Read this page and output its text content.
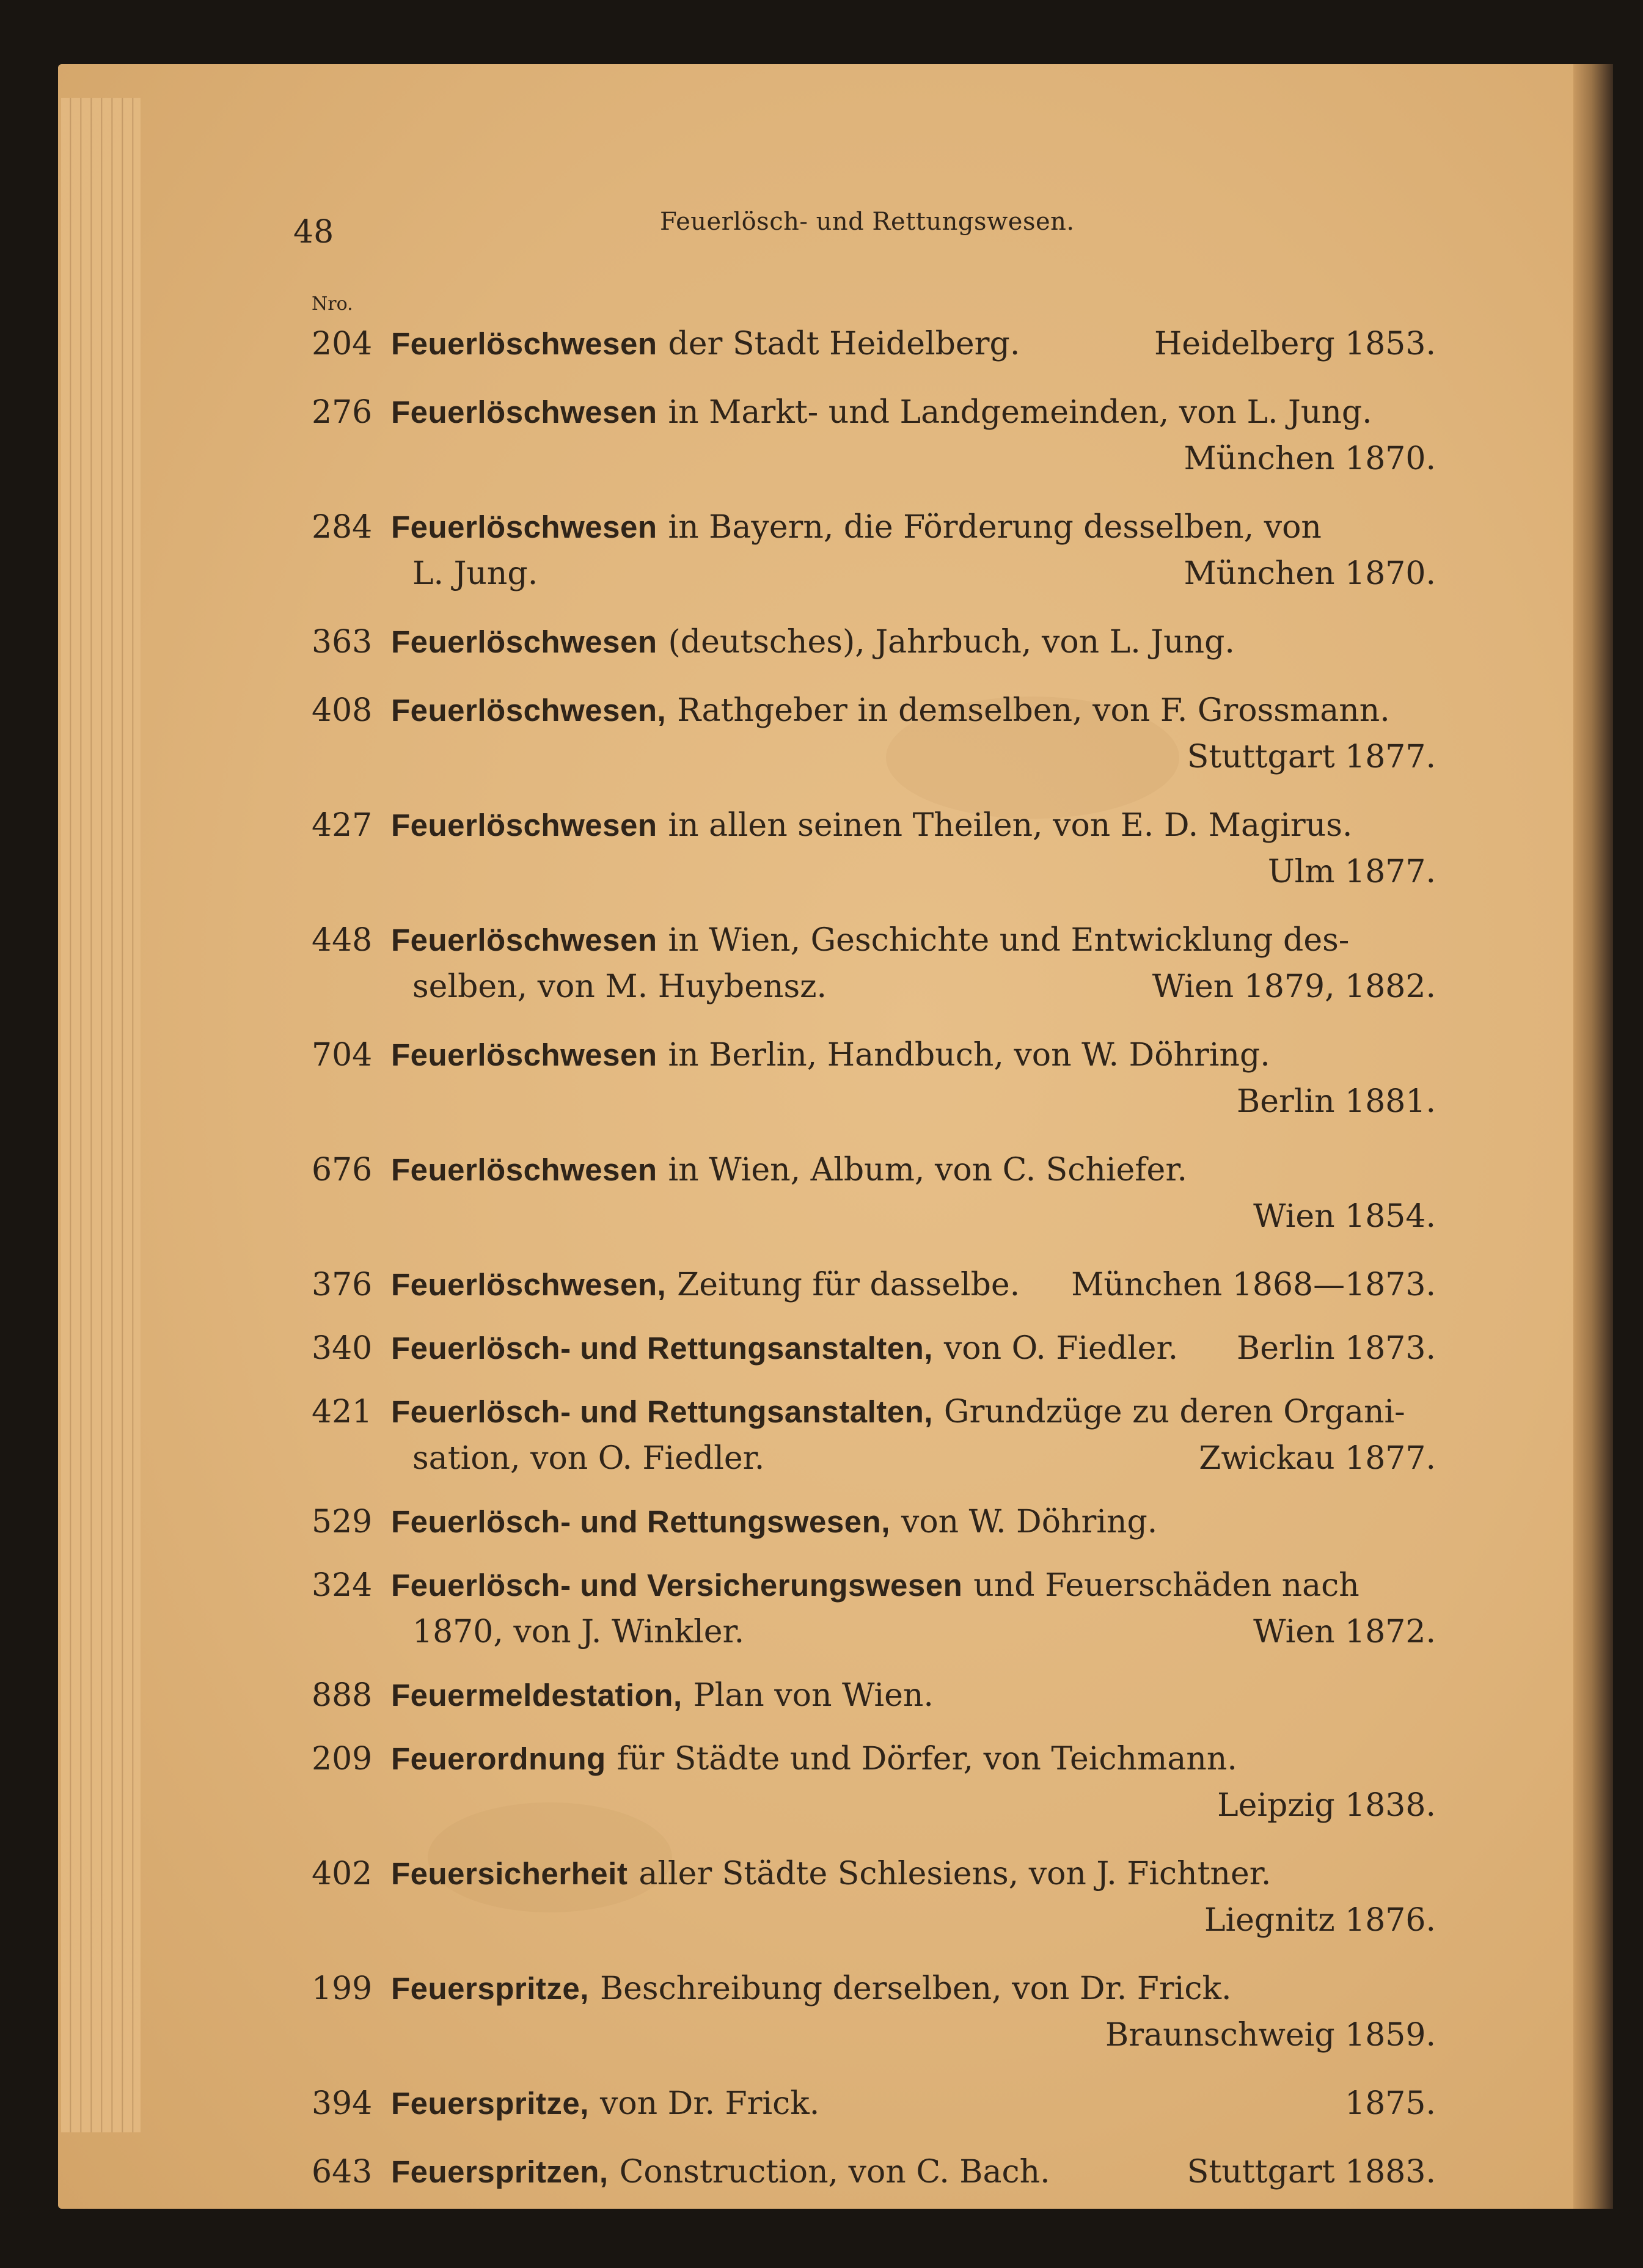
48	Feuerlösch- und Rettungswesen.
Nro.
204 Feuerlöschwesen der Stadt Heidelberg.	Heidelberg 1853.
276 Feuerlöschwesen in Markt- und Landgemeinden, von L. Jung.
München 1870.
284 Feuerlöschwesen in Bayern, die Förderung desselben, von
L. Jung.	München 1870.
363 Feuerlöschwesen (deutsches), Jahrbuch, von L. Jung.
408 Feuerlöschwesen, Rathgeber in demselben, von F. Grossmann.
Stuttgart 1877.
427 Feuerlöschwesen in allen seinen Theilen, von E. D. Magirus.
Ulm 1877.
448 Feuerlöschwesen in Wien, Geschichte und Entwicklung des-
selben, von M. Huybensz.	Wien 1879, 1882.
704 Feuerlöschwesen in Berlin, Handbuch, von W. Döhring.
Berlin 1881.
676 Feuerlöschwesen in Wien, Album, von C. Schiefer.
Wien 1854.
376 Feuerlöschwesen, Zeitung für dasselbe. München 1868—1873.
340 Feuerlösch- und Rettungsanstalten, von O. Fiedler. Berlin 1873.
421 Feuerlösch- und Rettungsanstalten, Grundzüge zu deren Organi-
sation, von O. Fiedler.	Zwickau 1877.
529 Feuerlösch- und Rettungswesen, von W. Döhring.
324 Feuerlösch- und Versicherungswesen und Feuerschäden nach
1870, von J. Winkler.	Wien 1872.
888 Feuermeldestation, Plan von Wien.
209 Feuerordnung für Städte und Dörfer, von Teichmann.
Leipzig 1838.
402 Feuersicherheit aller Städte Schlesiens, von J. Fichtner.
Liegnitz 1876.
199 Feuerspritze, Beschreibung derselben, von Dr. Frick.
Braunschweig 1859.
394 Feuerspritze, von Dr. Frick.	1875.
643 Feuerspritzen, Construction, von C. Bach.	Stuttgart 1883.
